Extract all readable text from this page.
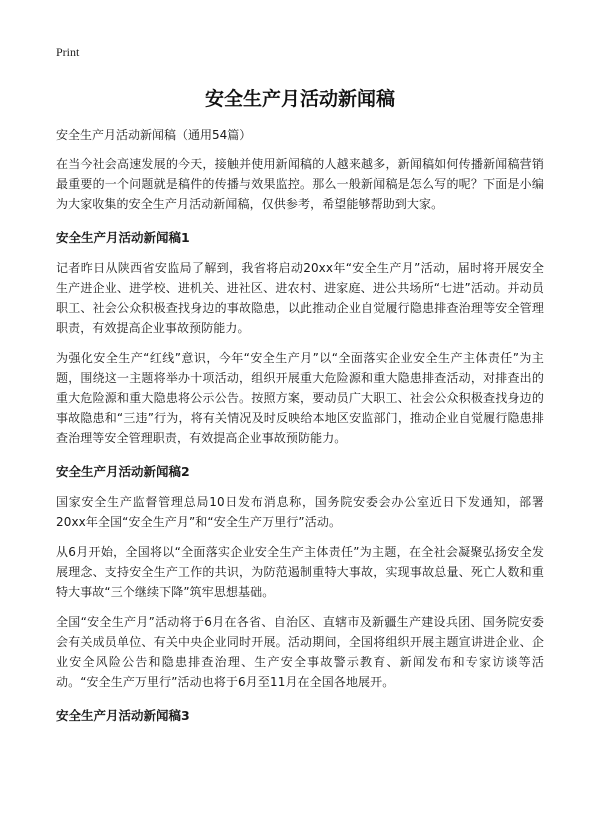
Print
安全生产月活动新闻稿
安全生产月活动新闻稿（通用54篇）

在当今社会高速发展的今天，接触并使用新闻稿的人越来越多，新闻稿如何传播新闻稿营销最重要的一个问题就是稿件的传播与效果监控。那么一般新闻稿是怎么写的呢？下面是小编为大家收集的安全生产月活动新闻稿，仅供参考，希望能够帮助到大家。

安全生产月活动新闻稿1

记者昨日从陕西省安监局了解到，我省将启动20xx年“安全生产月”活动，届时将开展安全生产进企业、进学校、进机关、进社区、进农村、进家庭、进公共场所“七进”活动。并动员职工、社会公众积极查找身边的事故隐患，以此推动企业自觉履行隐患排查治理等安全管理职责，有效提高企业事故预防能力。

为强化安全生产“红线”意识，今年“安全生产月”以“全面落实企业安全生产主体责任”为主题，围绕这一主题将举办十项活动，组织开展重大危险源和重大隐患排查活动，对排查出的重大危险源和重大隐患将公示公告。按照方案，要动员广大职工、社会公众积极查找身边的事故隐患和“三违”行为，将有关情况及时反映给本地区安监部门，推动企业自觉履行隐患排查治理等安全管理职责，有效提高企业事故预防能力。

安全生产月活动新闻稿2

国家安全生产监督管理总局10日发布消息称，国务院安委会办公室近日下发通知，部署20xx年全国“安全生产月”和“安全生产万里行”活动。

从6月开始，全国将以“全面落实企业安全生产主体责任”为主题，在全社会凝聚弘扬安全发展理念、支持安全生产工作的共识，为防范遏制重特大事故，实现事故总量、死亡人数和重特大事故“三个继续下降”筑牢思想基础。

全国“安全生产月”活动将于6月在各省、自治区、直辖市及新疆生产建设兵团、国务院安委会有关成员单位、有关中央企业同时开展。活动期间，全国将组织开展主题宣讲进企业、企业安全风险公告和隐患排查治理、生产安全事故警示教育、新闻发布和专家访谈等活动。“安全生产万里行”活动也将于6月至11月在全国各地展开。

安全生产月活动新闻稿3
